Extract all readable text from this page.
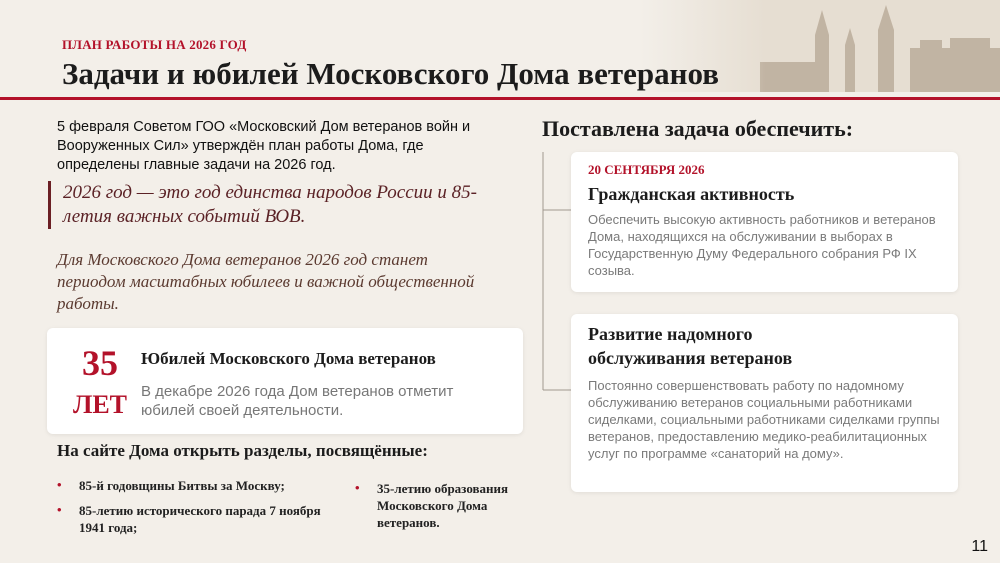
ПЛАН РАБОТЫ НА 2026 ГОД
Задачи и юбилей Московского Дома ветеранов
5 февраля Советом ГОО «Московский Дом ветеранов войн и Вооруженных Сил» утверждён план работы Дома, где определены главные задачи на 2026 год.
2026 год — это год единства народов России и 85-летия важных событий ВОВ.
Для Московского Дома ветеранов 2026 год станет периодом масштабных юбилеев и важной общественной работы.
35
ЛЕТ
Юбилей Московского Дома ветеранов
В декабре 2026 года Дом ветеранов отметит юбилей своей деятельности.
На сайте Дома открыть разделы, посвящённые:
• 85-й годовщины Битвы за Москву;
• 85-летию исторического парада 7 ноября 1941 года;
• 35-летию образования Московского Дома ветеранов.
Поставлена задача обеспечить:
20 СЕНТЯБРЯ 2026
Гражданская активность
Обеспечить высокую активность работников и ветеранов Дома, находящихся на обслуживании в выборах в Государственную Думу Федерального собрания РФ IX созыва.
Развитие надомного обслуживания ветеранов
Постоянно совершенствовать работу по надомному обслуживанию ветеранов социальными работниками сиделками, социальными работниками сиделками группы ветеранов, предоставлению медико-реабилитационных услуг по программе «санаторий на дому».
11
